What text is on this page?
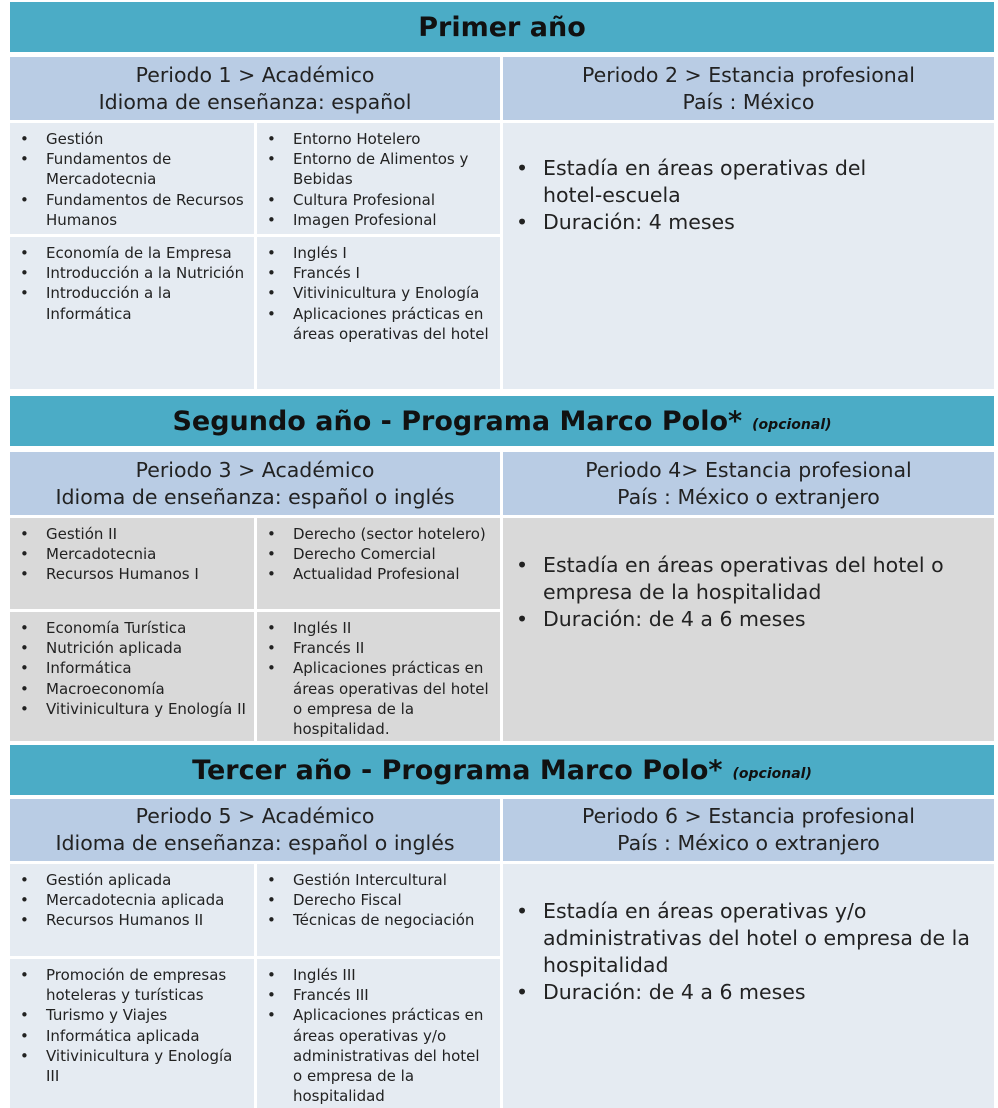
Primer año
Periodo 1 > Académico
Idioma de enseñanza: español
Periodo 2 > Estancia profesional
País : México
• Gestión
• Fundamentos de Mercadotecnia
• Fundamentos de Recursos Humanos
• Entorno Hotelero
• Entorno de Alimentos y Bebidas
• Cultura Profesional
• Imagen Profesional
• Economía de la Empresa
• Introducción a la Nutrición
• Introducción a la Informática
• Inglés I
• Francés I
• Vitivinicultura y Enología
• Aplicaciones prácticas en áreas operativas del hotel
• Estadía en áreas operativas del hotel-escuela
• Duración: 4 meses
Segundo año - Programa Marco Polo* (opcional)
Periodo 3 > Académico
Idioma de enseñanza: español o inglés
Periodo 4> Estancia profesional
País : México o extranjero
• Gestión II
• Mercadotecnia
• Recursos Humanos I
• Derecho (sector hotelero)
• Derecho Comercial
• Actualidad Profesional
• Economía Turística
• Nutrición aplicada
• Informática
• Macroeconomía
• Vitivinicultura y Enología II
• Inglés II
• Francés II
• Aplicaciones prácticas en áreas operativas del hotel o empresa de la hospitalidad.
• Estadía en áreas operativas del hotel o empresa de la hospitalidad
• Duración: de 4 a 6 meses
Tercer año - Programa Marco Polo* (opcional)
Periodo 5 > Académico
Idioma de enseñanza: español o inglés
Periodo 6 > Estancia profesional
País : México o extranjero
• Gestión aplicada
• Mercadotecnia aplicada
• Recursos Humanos II
• Gestión Intercultural
• Derecho Fiscal
• Técnicas de negociación
• Promoción de empresas hoteleras y turísticas
• Turismo y Viajes
• Informática aplicada
• Vitivinicultura y Enología III
• Inglés III
• Francés III
• Aplicaciones prácticas en áreas operativas y/o administrativas del hotel o empresa de la hospitalidad
• Estadía en áreas operativas y/o administrativas del hotel o empresa de la hospitalidad
• Duración: de 4 a 6 meses
